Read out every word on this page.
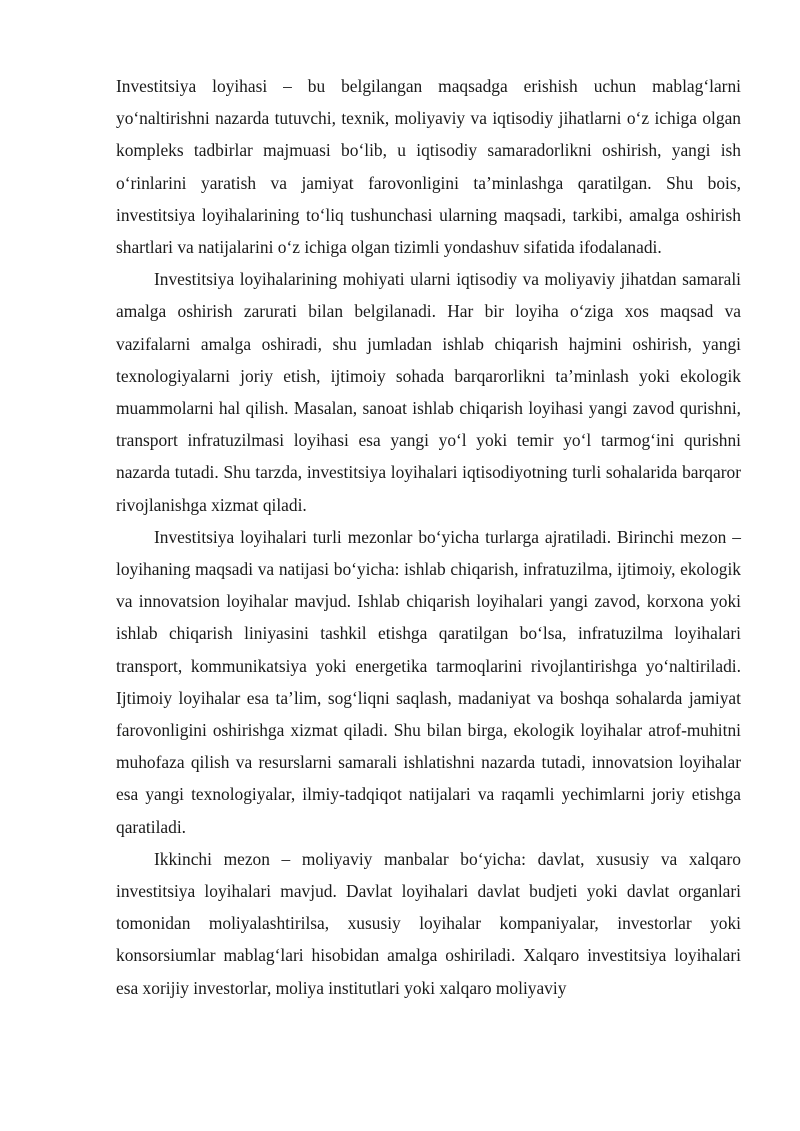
Investitsiya loyihasi – bu belgilangan maqsadga erishish uchun mablag‘larni yo‘naltirishni nazarda tutuvchi, texnik, moliyaviy va iqtisodiy jihatlarni o‘z ichiga olgan kompleks tadbirlar majmuasi bo‘lib, u iqtisodiy samaradorlikni oshirish, yangi ish o‘rinlarini yaratish va jamiyat farovonligini ta’minlashga qaratilgan. Shu bois, investitsiya loyihalarining to‘liq tushunchasi ularning maqsadi, tarkibi, amalga oshirish shartlari va natijalarini o‘z ichiga olgan tizimli yondashuv sifatida ifodalanadi.

Investitsiya loyihalarining mohiyati ularni iqtisodiy va moliyaviy jihatdan samarali amalga oshirish zarurati bilan belgilanadi. Har bir loyiha o‘ziga xos maqsad va vazifalarni amalga oshiradi, shu jumladan ishlab chiqarish hajmini oshirish, yangi texnologiyalarni joriy etish, ijtimoiy sohada barqarorlikni ta’minlash yoki ekologik muammolarni hal qilish. Masalan, sanoat ishlab chiqarish loyihasi yangi zavod qurishni, transport infratuzilmasi loyihasi esa yangi yo‘l yoki temir yo‘l tarmog‘ini qurishni nazarda tutadi. Shu tarzda, investitsiya loyihalari iqtisodiyotning turli sohalarida barqaror rivojlanishga xizmat qiladi.

Investitsiya loyihalari turli mezonlar bo‘yicha turlarga ajratiladi. Birinchi mezon – loyihaning maqsadi va natijasi bo‘yicha: ishlab chiqarish, infratuzilma, ijtimoiy, ekologik va innovatsion loyihalar mavjud. Ishlab chiqarish loyihalari yangi zavod, korxona yoki ishlab chiqarish liniyasini tashkil etishga qaratilgan bo‘lsa, infratuzilma loyihalari transport, kommunikatsiya yoki energetika tarmoqlarini rivojlantirishga yo‘naltiriladi. Ijtimoiy loyihalar esa ta’lim, sog‘liqni saqlash, madaniyat va boshqa sohalarda jamiyat farovonligini oshirishga xizmat qiladi. Shu bilan birga, ekologik loyihalar atrof-muhitni muhofaza qilish va resurslarni samarali ishlatishni nazarda tutadi, innovatsion loyihalar esa yangi texnologiyalar, ilmiy-tadqiqot natijalari va raqamli yechimlarni joriy etishga qaratiladi.

Ikkinchi mezon – moliyaviy manbalar bo‘yicha: davlat, xususiy va xalqaro investitsiya loyihalari mavjud. Davlat loyihalari davlat budjeti yoki davlat organlari tomonidan moliyalashtirilsa, xususiy loyihalar kompaniyalar, investorlar yoki konsorsiumlar mablag‘lari hisobidan amalga oshiriladi. Xalqaro investitsiya loyihalari esa xorijiy investorlar, moliya institutlari yoki xalqaro moliyaviy
